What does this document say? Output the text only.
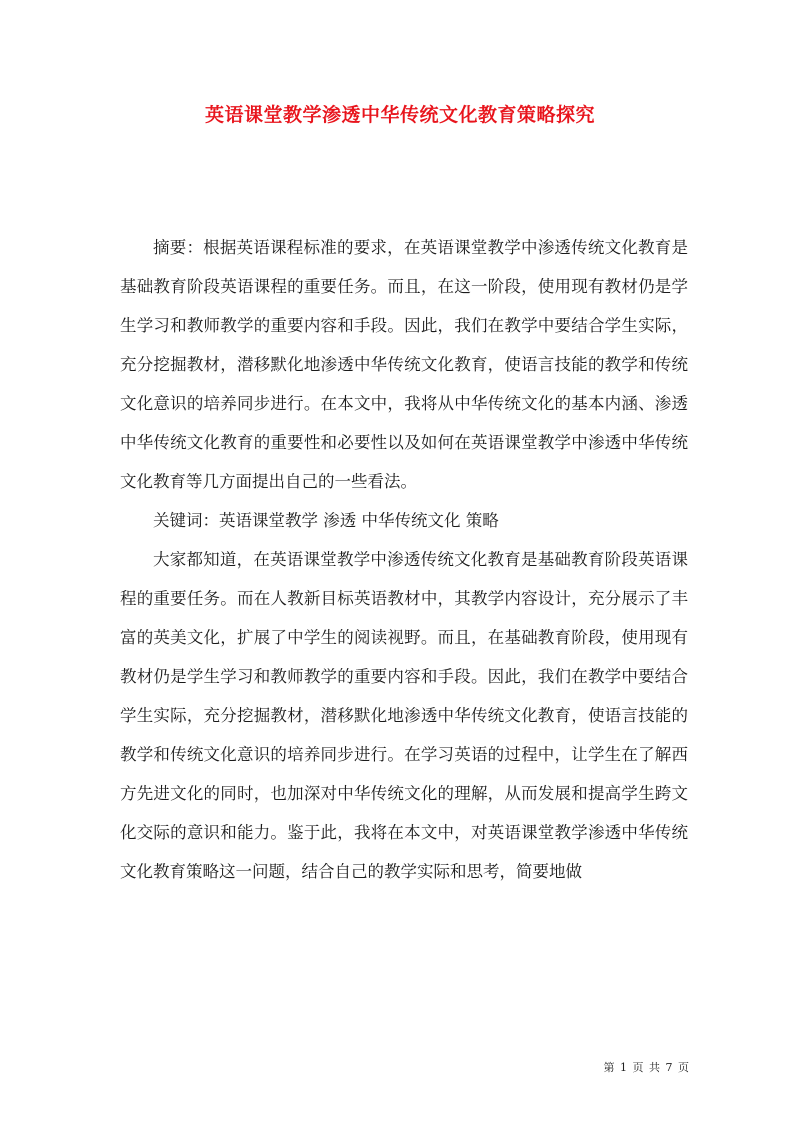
英语课堂教学渗透中华传统文化教育策略探究

摘要：根据英语课程标准的要求，在英语课堂教学中渗透传统文化教育是基础教育阶段英语课程的重要任务。而且，在这一阶段，使用现有教材仍是学生学习和教师教学的重要内容和手段。因此，我们在教学中要结合学生实际，充分挖掘教材，潜移默化地渗透中华传统文化教育，使语言技能的教学和传统文化意识的培养同步进行。在本文中，我将从中华传统文化的基本内涵、渗透中华传统文化教育的重要性和必要性以及如何在英语课堂教学中渗透中华传统文化教育等几方面提出自己的一些看法。

关键词：英语课堂教学 渗透 中华传统文化 策略

大家都知道，在英语课堂教学中渗透传统文化教育是基础教育阶段英语课程的重要任务。而在人教新目标英语教材中，其教学内容设计，充分展示了丰富的英美文化，扩展了中学生的阅读视野。而且，在基础教育阶段，使用现有教材仍是学生学习和教师教学的重要内容和手段。因此，我们在教学中要结合学生实际，充分挖掘教材，潜移默化地渗透中华传统文化教育，使语言技能的教学和传统文化意识的培养同步进行。在学习英语的过程中，让学生在了解西方先进文化的同时，也加深对中华传统文化的理解，从而发展和提高学生跨文化交际的意识和能力。鉴于此，我将在本文中，对英语课堂教学渗透中华传统文化教育策略这一问题，结合自己的教学实际和思考，简要地做

第 1 页 共 7 页
